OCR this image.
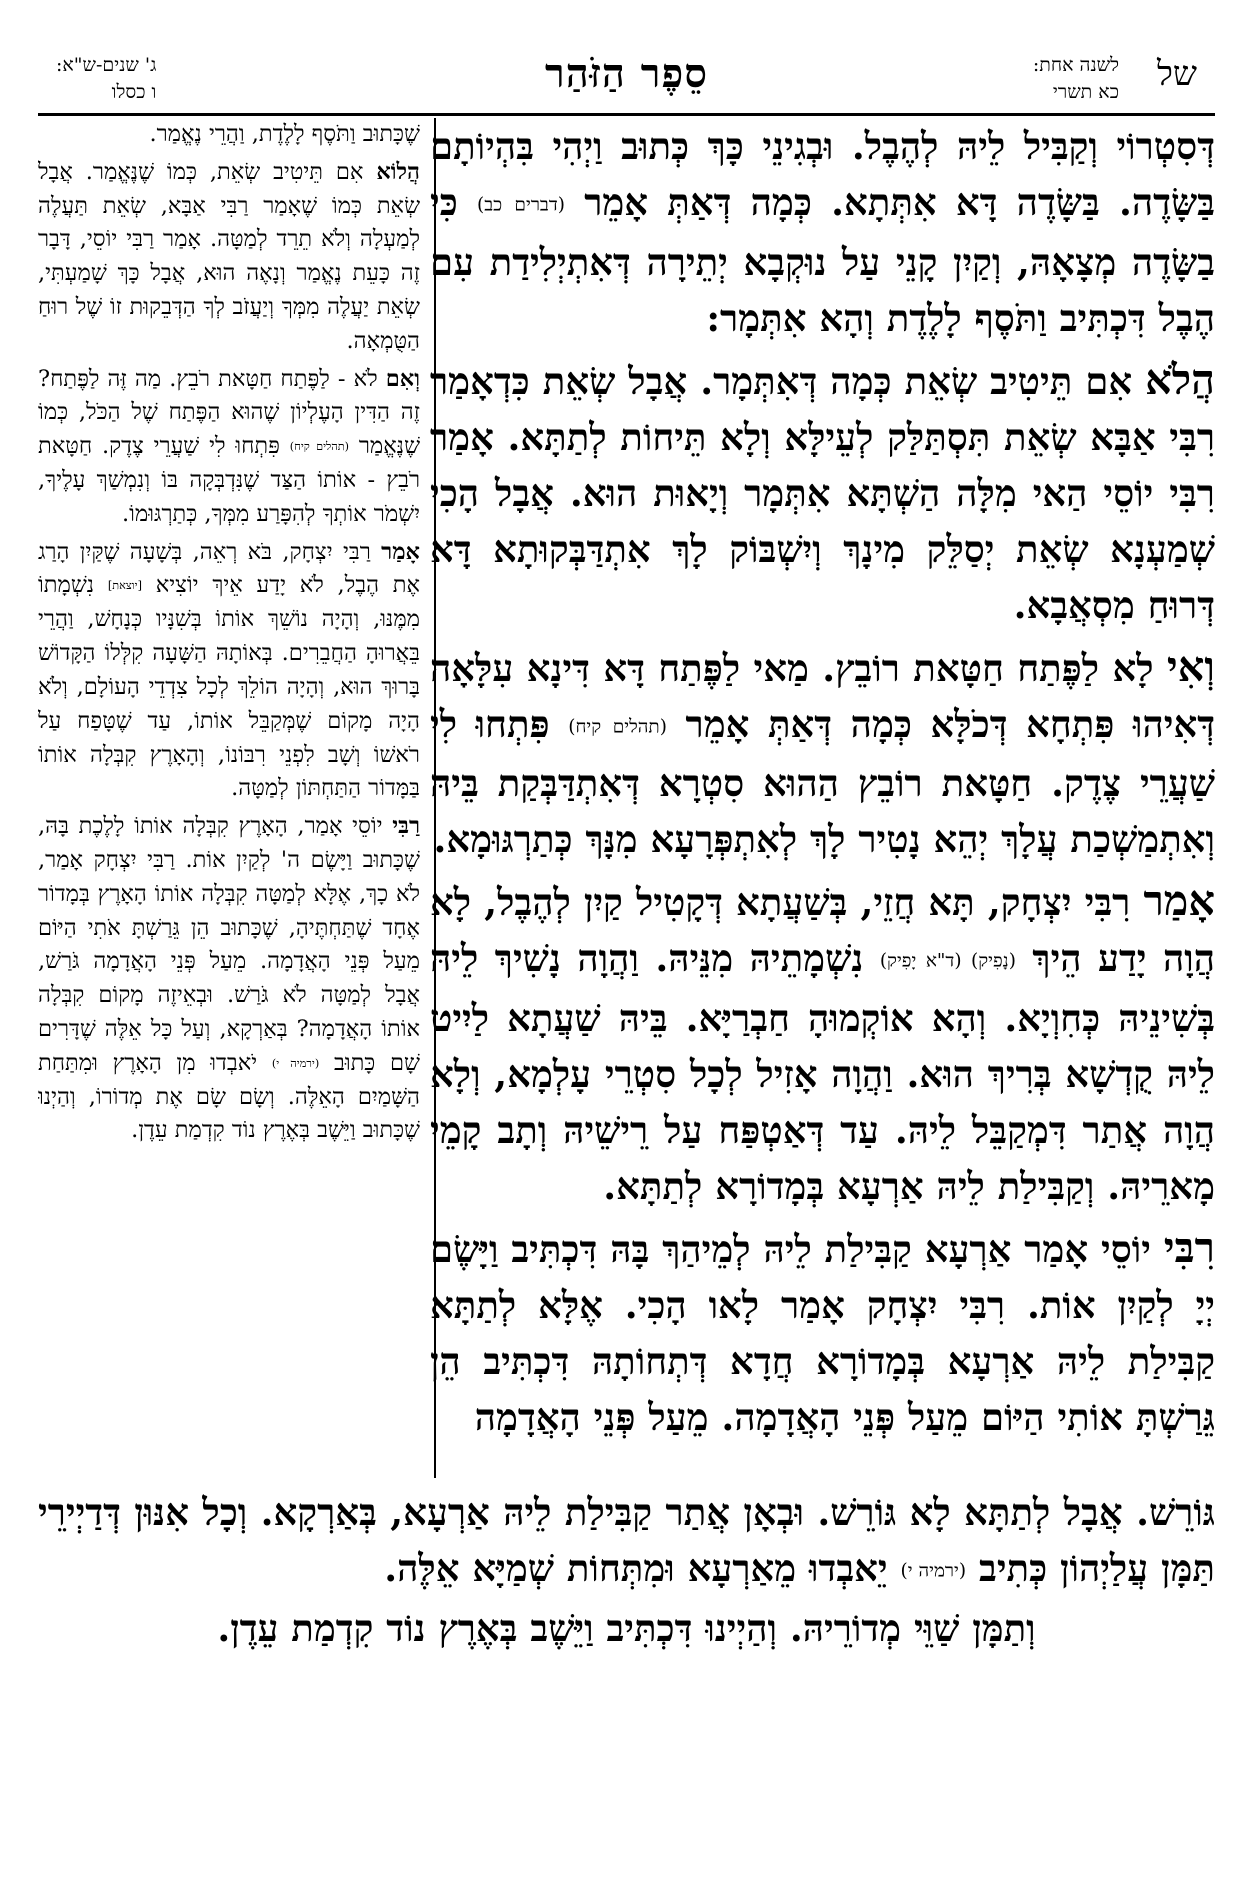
של
לשנה אחת:
כא תשרי
סֵפֶר הַזֹּהַר
ג' שנים-ש"א:
ו כסלו

דְּסִטְרוֹי וְקַבִּיל לֵיהּ לְהֶבֶל. וּבְגִינֵי כָּךְ כְּתוּב וַיְהִי בִּהְיוֹתָם בַּשָּׂדֶה. בַּשָּׂדֶה דָּא אִתְּתָא. כְּמָה דְּאַתְּ אָמֵר (דברים כב) כִּי בַשָּׂדֶה מְצָאָהּ, וְקַיִן קָנֵי עַל נוּקְבָא יְתֵירָה דְּאִתְיְלִידַת עִם הֶבֶל דִּכְתִּיב וַתֹּסֶף לָלֶדֶת וְהָא אִתְּמָר:

הֲלֹא אִם תֵּיטִיב שְׂאֵת כְּמָה דְּאִתְּמָר. אֲבָל שְׂאֵת כִּדְאָמַר רִבִּי אַבָּא שְׂאֵת תִּסְתַּלַּק לְעֵילָּא וְלָא תֵּיחוֹת לְתַתָּא. אָמַר רִבִּי יוֹסֵי הַאי מִלָּה הַשְׁתָּא אִתְּמָר וְיָאוּת הוּא. אֲבָל הָכִי שְׁמַעְנָא שְׂאֵת יְסַלֵּק מִינָךְ וְיִשְׁבּוֹק לָךְ אִתְדַּבְּקוּתָא דָּא דְּרוּחַ מִסְאֲבָא.

וְאִי לָא לַפֶּתַח חַטָּאת רוֹבֵץ. מַאי לַפֶּתַח דָּא דִּינָא עִלָּאָה דְּאִיהוּ פִּתְחָא דְּכֹלָּא כְּמָה דְּאַתְּ אָמֵר (תהלים קיח) פִּתְחוּ לִי שַׁעֲרֵי צֶדֶק. חַטָּאת רוֹבֵץ הַהוּא סִטְרָא דְּאִתְדַּבְּקַת בֵּיהּ וְאִתְמַשְׁכַת עֲלָךְ יְהֵא נָטִיר לָךְ לְאִתְפְּרָעָא מִנָּךְ כְּתַרְגּוּמָא.

אָמַר רִבִּי יִצְחָק, תָּא חֲזֵי, בְּשַׁעֲתָא דְּקָטִיל קַיִן לְהֶבֶל, לָא הֲוָה יָדַע הֵיךְ (נָפִיק) (ד"א יָפִיק) נִשְׁמָתֵיהּ מִנֵּיהּ. וַהֲוָה נָשִׁיךְ לֵיהּ בְּשִׁינֵיהּ כְּחִוְיָא. וְהָא אוֹקְמוּהָ חַבְרַיָּא. בֵּיהּ שַׁעֲתָא לַיִיט לֵיהּ קֻדְשָׁא בְּרִיךְ הוּא. וַהֲוָה אָזִיל לְכָל סִטְרֵי עָלְמָא, וְלָא הֲוָה אֲתַר דִּמְקַבֵּל לֵיהּ. עַד דְּאַטְפַּח עַל רֵישֵׁיהּ וְתָב קָמֵי מָארֵיהּ. וְקַבִּילַת לֵיהּ אַרְעָא בְּמָדוֹרָא לְתַתָּא.

רִבִּי יוֹסֵי אָמַר אַרְעָא קַבִּילַת לֵיהּ לְמֵיהַךְ בָּהּ דִּכְתִּיב וַיָּשֶׂם יְיָ לְקַיִן אוֹת. רִבִּי יִצְחָק אָמַר לָאו הָכִי. אֶלָּא לְתַתָּא קַבִּילַת לֵיהּ אַרְעָא בְּמָדוֹרָא חֲדָא דְּתְחוֹתָהּ דִּכְתִּיב הֵן גֵּרַשְׁתָּ אוֹתִי הַיּוֹם מֵעַל פְּנֵי הָאֲדָמָה. מֵעַל פְּנֵי הָאֲדָמָה

שֶׁכָּתוּב וַתֹּסֶף לָלֶדֶת, וַהֲרֵי נֶאֱמַר.

הֲלוֹא אִם תֵּיטִיב שְׂאֵת, כְּמוֹ שֶׁנֶּאֱמַר. אֲבָל שְׂאֵת כְּמוֹ שֶׁאָמַר רַבִּי אַבָּא, שְׂאֵת תַּעֲלֶה לְמַעְלָה וְלֹא תֵרֵד לְמַטָּה. אָמַר רַבִּי יוֹסֵי, דָּבָר זֶה כָּעֵת נֶאֱמַר וְנָאֶה הוּא, אֲבָל כָּךְ שָׁמַעְתִּי, שְׂאֵת יַעֲלֶה מִמְּךָ וְיַעֲזֹב לְךָ הַדְּבֵקוּת זוֹ שֶׁל רוּחַ הַטֻּמְאָה.

וְאִם לֹא - לַפֶּתַח חַטָּאת רֹבֵץ. מַה זֶּה לַפֶּתַח? זֶה הַדִּין הָעֶלְיוֹן שֶׁהוּא הַפֶּתַח שֶׁל הַכֹּל, כְּמוֹ שֶׁנֶּאֱמַר (תהלים קיח) פִּתְחוּ לִי שַׁעֲרֵי צֶדֶק. חַטָּאת רֹבֵץ - אוֹתוֹ הַצַּד שֶׁנִּדְבְּקָה בּוֹ וְנִמְשַׁךְ עָלֶיךָ, יִשְׁמֹר אוֹתְךָ לְהִפָּרַע מִמְּךָ, כְּתַרְגּוּמוֹ.

אָמַר רַבִּי יִצְחָק, בֹּא רְאֵה, בְּשָׁעָה שֶׁקַּיִן הָרַג אֶת הֶבֶל, לֹא יָדַע אֵיךְ יוֹצִיא [יוצאת] נִשְׁמָתוֹ מִמֶּנּוּ, וְהָיָה נוֹשֵׁךְ אוֹתוֹ בְּשִׁנָּיו כְּנָחָשׁ, וַהֲרֵי בֵּאֲרוּהָ הַחֲבֵרִים. בְּאוֹתָהּ הַשָּׁעָה קִלְּלוֹ הַקָּדוֹשׁ בָּרוּךְ הוּא, וְהָיָה הוֹלֵךְ לְכָל צִדְדֵי הָעוֹלָם, וְלֹא הָיָה מָקוֹם שֶׁמְּקַבֵּל אוֹתוֹ, עַד שֶׁטָּפַח עַל רֹאשׁוֹ וְשָׁב לִפְנֵי רִבּוֹנוֹ, וְהָאָרֶץ קִבְּלָה אוֹתוֹ בַּמָּדוֹר הַתַּחְתּוֹן לְמַטָּה.

רַבִּי יוֹסֵי אָמַר, הָאָרֶץ קִבְּלָה אוֹתוֹ לָלֶכֶת בָּהּ, שֶׁכָּתוּב וַיָּשֶׂם ה' לְקַיִן אוֹת. רַבִּי יִצְחָק אָמַר, לֹא כָךְ, אֶלָּא לְמַטָּה קִבְּלָה אוֹתוֹ הָאָרֶץ בְּמָדוֹר אֶחָד שֶׁתַּחְתֶּיהָ, שֶׁכָּתוּב הֵן גֵּרַשְׁתָּ אֹתִי הַיּוֹם מֵעַל פְּנֵי הָאֲדָמָה. מֵעַל פְּנֵי הָאֲדָמָה גֹּרַשׁ, אֲבָל לְמַטָּה לֹא גֹּרַשׁ. וּבְאֵיזֶה מָקוֹם קִבְּלָה אוֹתוֹ הָאֲדָמָה? בְּאַרְקָא, וְעַל כָּל אֵלֶּה שֶׁדָּרִים שָׁם כָּתוּב (ירמיה י) יֹאבְדוּ מִן הָאָרֶץ וּמִתַּחַת הַשָּׁמַיִם הָאֵלֶּה. וְשָׂם שָׂם אֶת מְדוֹרוֹ, וְהַיְנוּ שֶׁכָּתוּב וַיֵּשֶׁב בְּאֶרֶץ נוֹד קִדְמַת עֵדֶן.

גּוֹרֵשׁ. אֲבָל לְתַתָּא לָא גּוֹרֵשׁ. וּבְאָן אֲתַר קַבִּילַת לֵיהּ אַרְעָא, בְּאַרְקָא. וְכָל אִנּוּן דְּדַיְירֵי תַּמָּן עֲלַיְהוֹן כְּתִיב (ירמיה י) יֵאבְדוּ מֵאַרְעָא וּמִתְּחוֹת שְׁמַיָּא אֵלֶּה.

וְתַמָּן שַׁוֵּי מְדוֹרֵיהּ. וְהַיְינוּ דִּכְתִּיב וַיֵּשֶׁב בְּאֶרֶץ נוֹד קִדְמַת עֵדֶן.
